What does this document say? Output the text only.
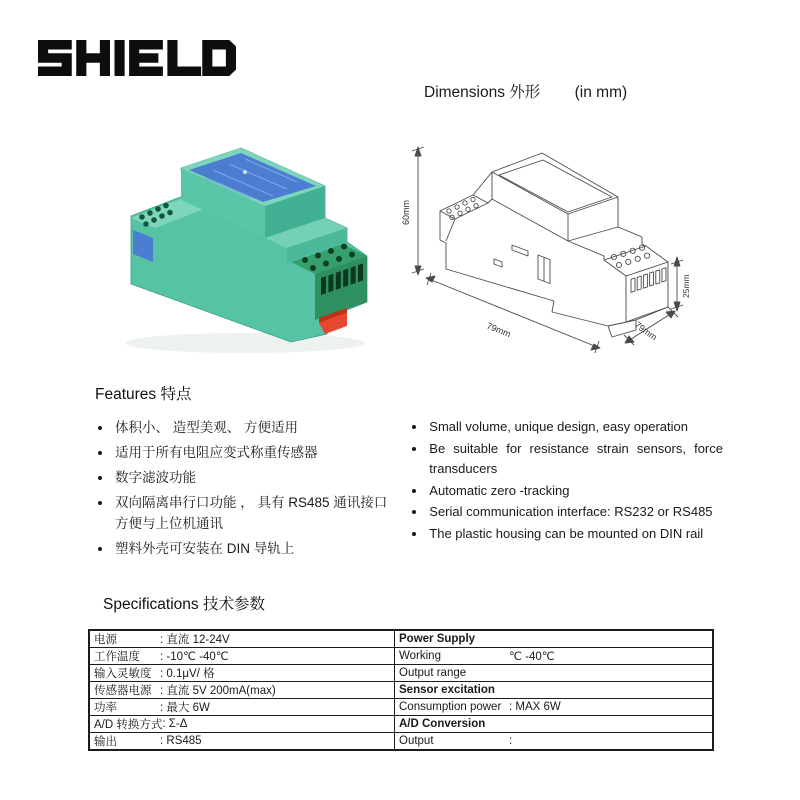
Dimensions 外形 (in mm)
60mm
79mm
25mm
79mm
Features 特点
• 体积小、 造型美观、 方便适用
• 适用于所有电阻应变式称重传感器
• 数字滤波功能
• 双向隔离串行口功能 ， 具有 RS485 通讯接口方便与上位机通讯
• 塑料外壳可安装在 DIN 导轨上
• Small volume, unique design, easy operation
• Be suitable for resistance strain sensors, force transducers
• Automatic zero -tracking
• Serial communication interface: RS232 or RS485
• The plastic housing can be mounted on DIN rail
Specifications 技术参数
电源 : 直流 12-24V	Power Supply

工作温度 : -10℃ -40℃	Working ℃ -40℃

输入灵敏度 : 0.1μV/ 格	Output range

传感器电源 : 直流 5V 200mA(max)	Sensor excitation

功率 : 最大 6W	Consumption power : MAX 6W

A/D 转换方式 : Σ-Δ	A/D Conversion

输出 : RS485	Output :
